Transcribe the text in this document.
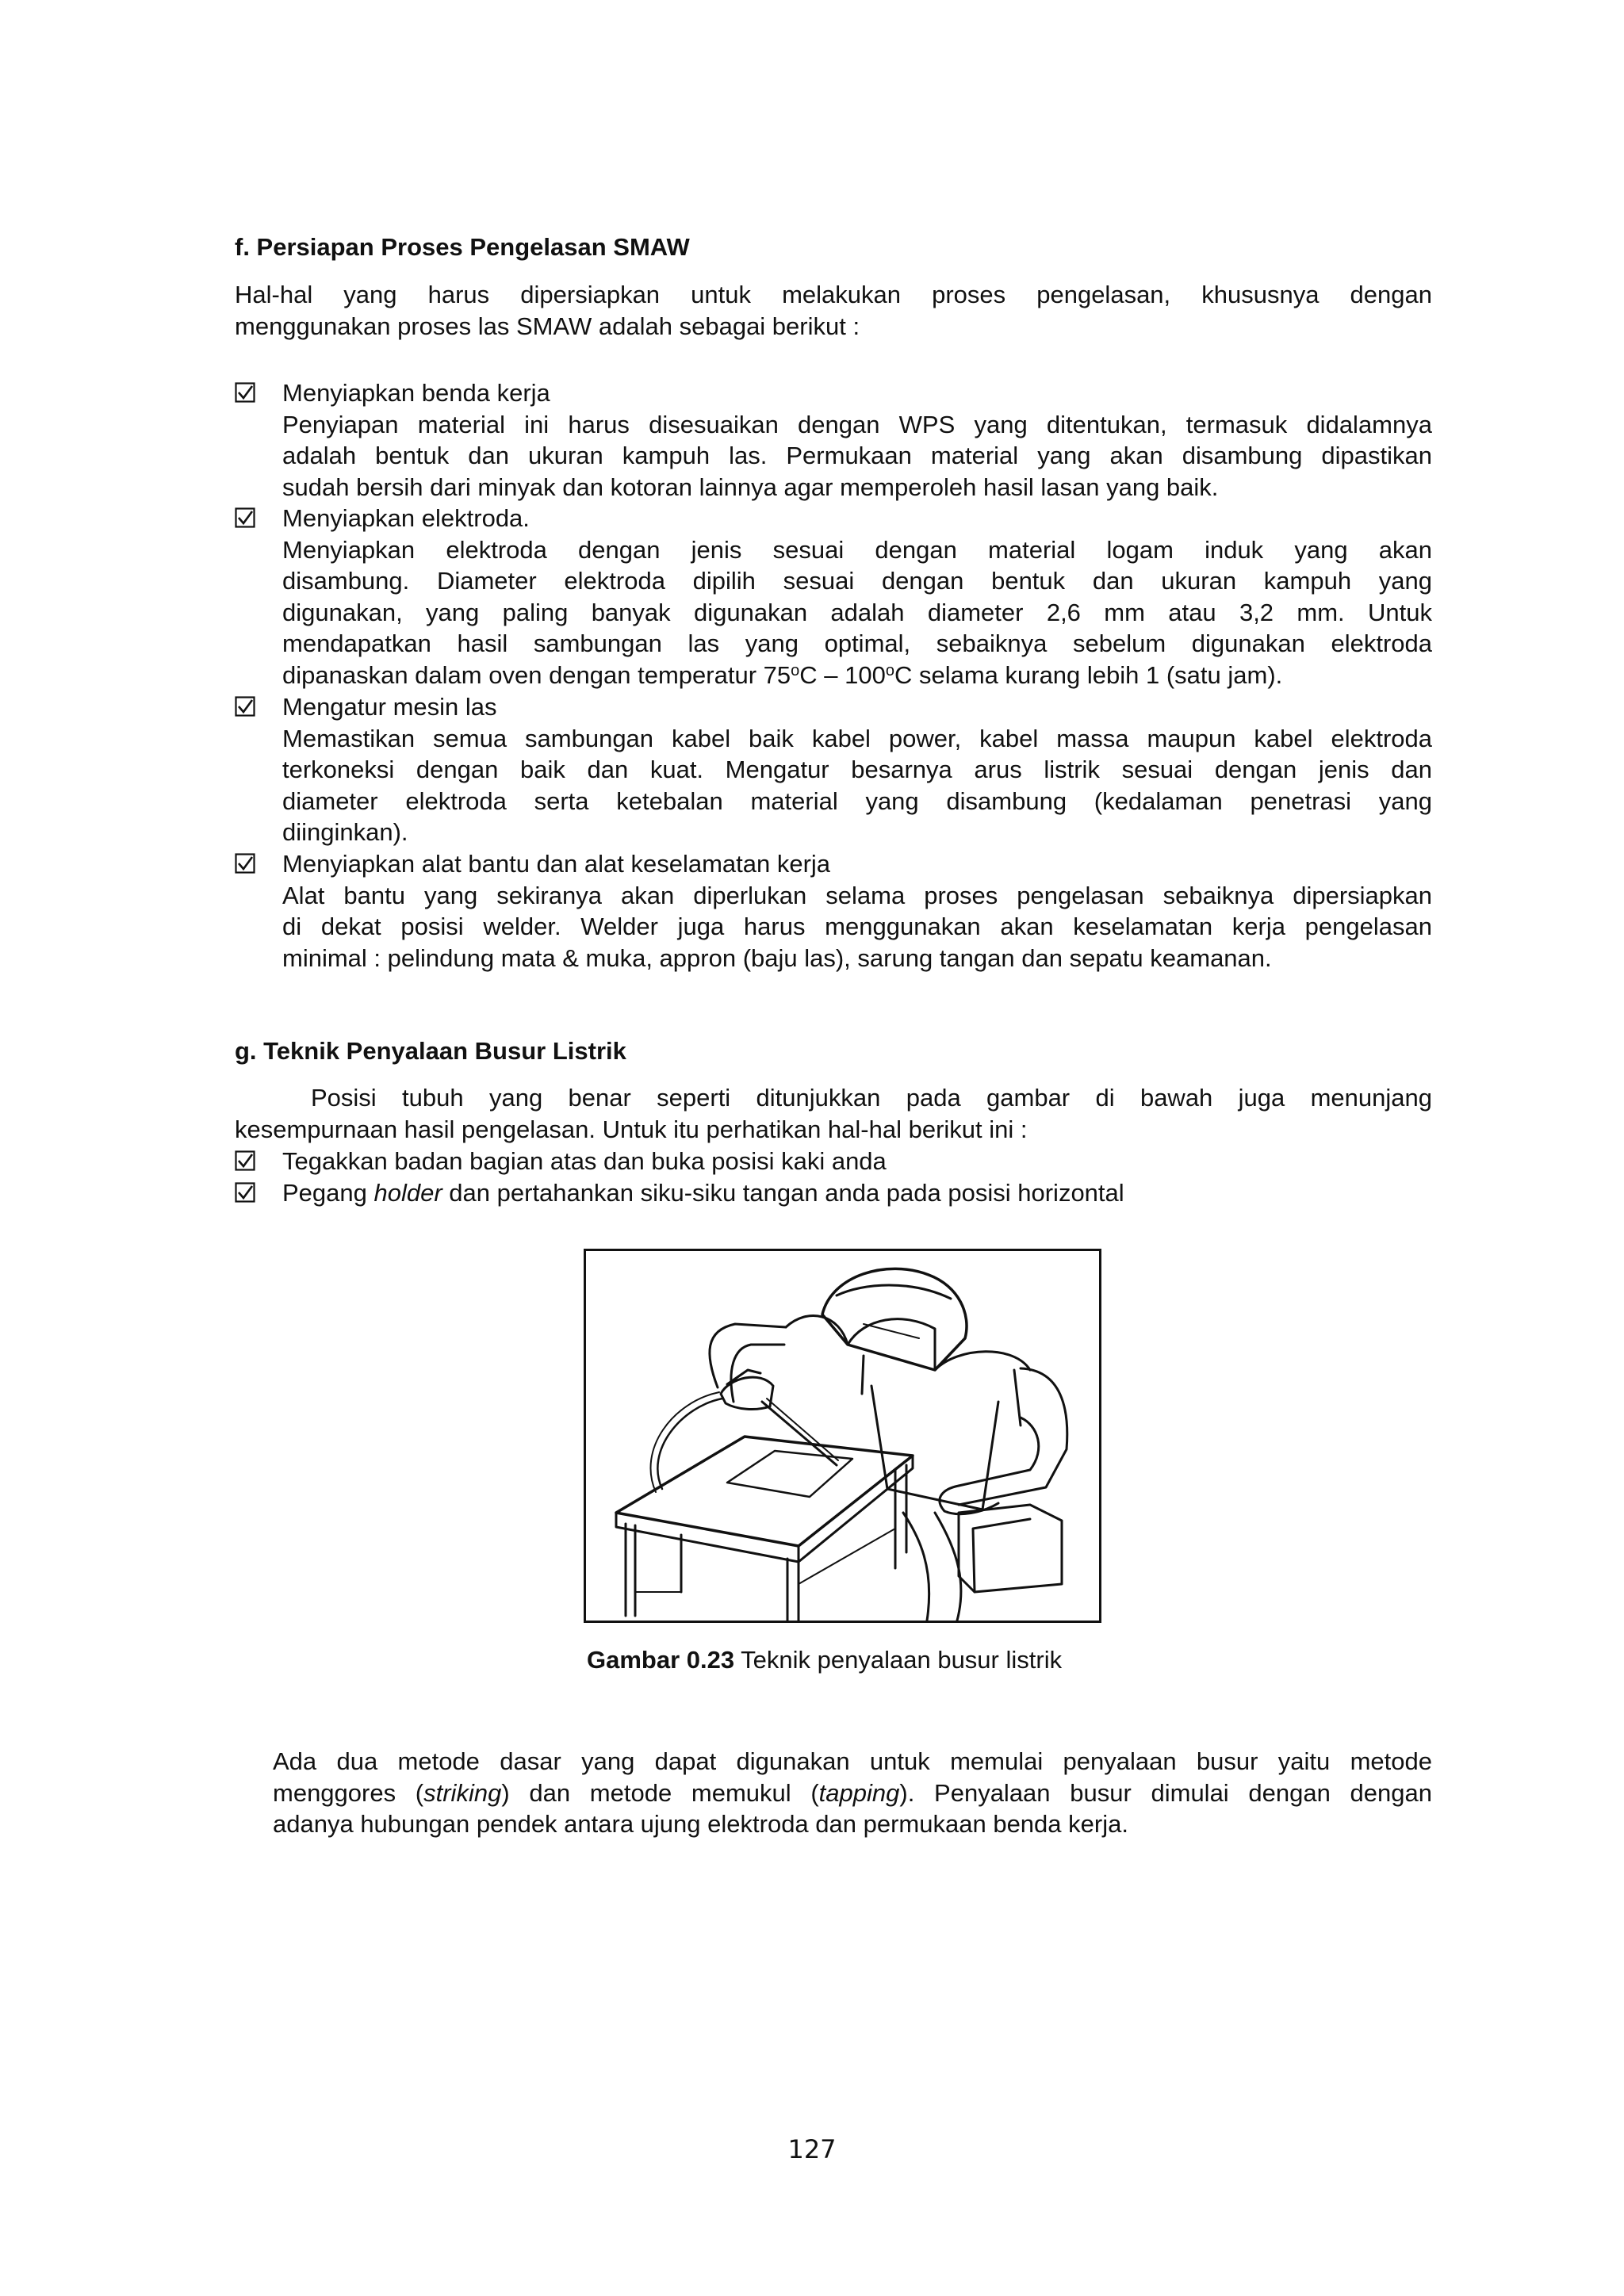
f. Persiapan Proses Pengelasan SMAW
Hal-hal yang harus dipersiapkan untuk melakukan proses pengelasan, khususnya dengan
menggunakan proses las SMAW adalah sebagai berikut :
Menyiapkan benda kerja
Penyiapan material ini harus disesuaikan dengan WPS yang ditentukan, termasuk didalamnya
adalah bentuk dan ukuran kampuh las. Permukaan material yang akan disambung dipastikan
sudah bersih dari minyak dan kotoran lainnya agar memperoleh hasil lasan yang baik.
Menyiapkan elektroda.
Menyiapkan elektroda dengan jenis sesuai dengan material logam induk yang akan
disambung. Diameter elektroda dipilih sesuai dengan bentuk dan ukuran kampuh yang
digunakan, yang paling banyak digunakan adalah diameter 2,6 mm atau 3,2 mm. Untuk
mendapatkan hasil sambungan las yang optimal, sebaiknya sebelum digunakan elektroda
dipanaskan dalam oven dengan temperatur 75$^o$C – 100$^o$C selama kurang lebih 1 (satu jam).
Mengatur mesin las
Memastikan semua sambungan kabel baik kabel power, kabel massa maupun kabel elektroda
terkoneksi dengan baik dan kuat. Mengatur besarnya arus listrik sesuai dengan jenis dan
diameter elektroda serta ketebalan material yang disambung (kedalaman penetrasi yang
diinginkan).
Menyiapkan alat bantu dan alat keselamatan kerja
Alat bantu yang sekiranya akan diperlukan selama proses pengelasan sebaiknya dipersiapkan
di dekat posisi welder. Welder juga harus menggunakan akan keselamatan kerja pengelasan
minimal : pelindung mata & muka, appron (baju las), sarung tangan dan sepatu keamanan.
g. Teknik Penyalaan Busur Listrik
Posisi tubuh yang benar seperti ditunjukkan pada gambar di bawah juga menunjang
kesempurnaan hasil pengelasan. Untuk itu perhatikan hal-hal berikut ini :
Tegakkan badan bagian atas dan buka posisi kaki anda
Pegang holder dan pertahankan siku-siku tangan anda pada posisi horizontal
Gambar 0.23 Teknik penyalaan busur listrik
Ada dua metode dasar yang dapat digunakan untuk memulai penyalaan busur yaitu metode
menggores (striking) dan metode memukul (tapping). Penyalaan busur dimulai dengan dengan
adanya hubungan pendek antara ujung elektroda dan permukaan benda kerja.
127
